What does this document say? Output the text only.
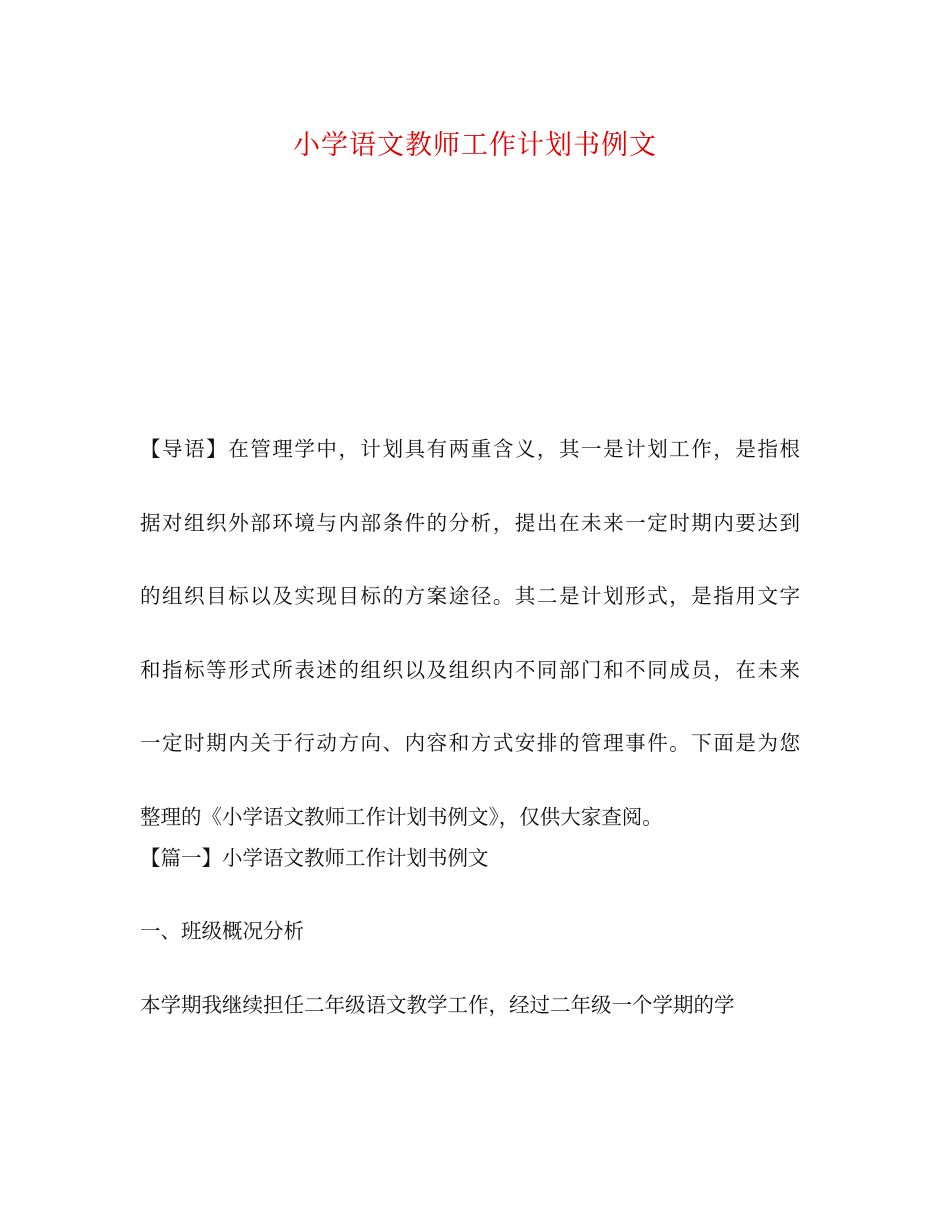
小学语文教师工作计划书例文
【导语】在管理学中，计划具有两重含义，其一是计划工作，是指根
据对组织外部环境与内部条件的分析，提出在未来一定时期内要达到
的组织目标以及实现目标的方案途径。其二是计划形式，是指用文字
和指标等形式所表述的组织以及组织内不同部门和不同成员，在未来
一定时期内关于行动方向、内容和方式安排的管理事件。下面是为您
整理的《小学语文教师工作计划书例文》，仅供大家查阅。
【篇一】小学语文教师工作计划书例文
一、班级概况分析
本学期我继续担任二年级语文教学工作，经过二年级一个学期的学
